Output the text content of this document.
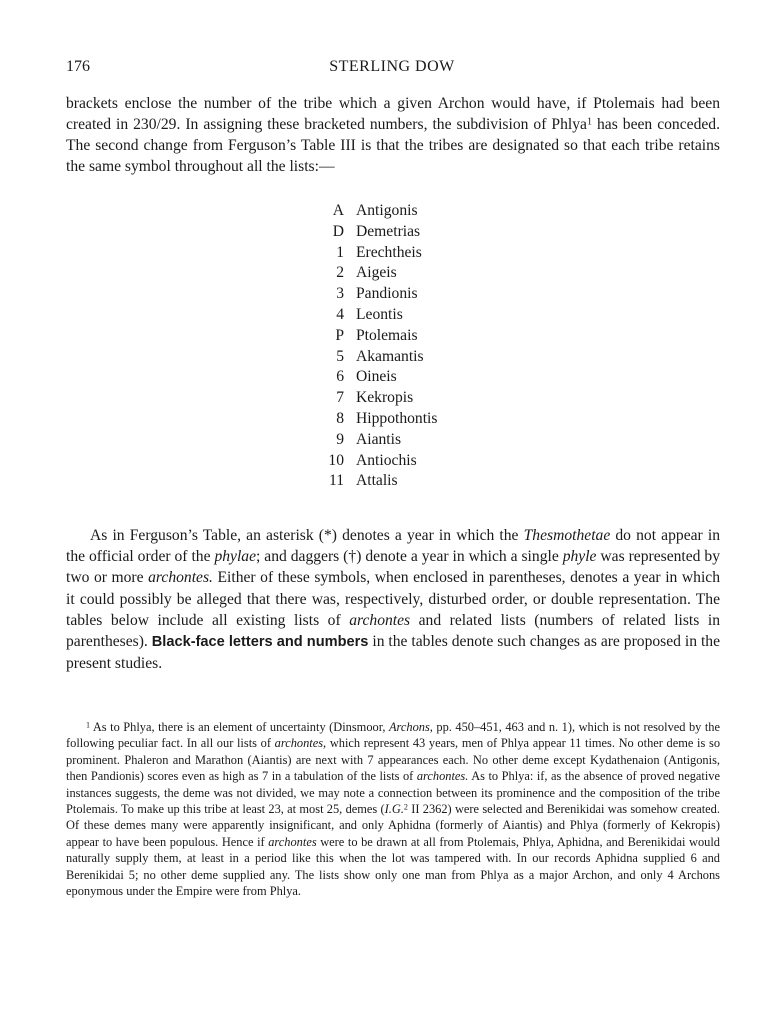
176	STERLING DOW

brackets enclose the number of the tribe which a given Archon would have, if Ptolemais had been created in 230/29. In assigning these bracketed numbers, the subdivision of Phlya$^1$ has been conceded. The second change from Ferguson’s Table III is that the tribes are designated so that each tribe retains the same symbol throughout all the lists:—

A Antigonis
D Demetrias
1 Erechtheis
2 Aigeis
3 Pandionis
4 Leontis
P Ptolemais
5 Akamantis
6 Oineis
7 Kekropis
8 Hippothontis
9 Aiantis
10 Antiochis
11 Attalis

As in Ferguson’s Table, an asterisk (*) denotes a year in which the Thesmothetae do not appear in the official order of the phylae; and daggers (†) denote a year in which a single phyle was represented by two or more archontes. Either of these symbols, when enclosed in parentheses, denotes a year in which it could possibly be alleged that there was, respectively, disturbed order, or double representation. The tables below include all existing lists of archontes and related lists (numbers of related lists in parentheses). Black-face letters and numbers in the tables denote such changes as are proposed in the present studies.

$^1$ As to Phlya, there is an element of uncertainty (Dinsmoor, Archons, pp. 450–451, 463 and n. 1), which is not resolved by the following peculiar fact. In all our lists of archontes, which represent 43 years, men of Phlya appear 11 times. No other deme is so prominent. Phaleron and Marathon (Aiantis) are next with 7 appearances each. No other deme except Kydathenaion (Antigonis, then Pandionis) scores even as high as 7 in a tabulation of the lists of archontes. As to Phlya: if, as the absence of proved negative instances suggests, the deme was not divided, we may note a connection between its prominence and the composition of the tribe Ptolemais. To make up this tribe at least 23, at most 25, demes (I.G.$^2$ II 2362) were selected and Berenikidai was somehow created. Of these demes many were apparently insignificant, and only Aphidna (formerly of Aiantis) and Phlya (formerly of Kekropis) appear to have been populous. Hence if archontes were to be drawn at all from Ptolemais, Phlya, Aphidna, and Berenikidai would naturally supply them, at least in a period like this when the lot was tampered with. In our records Aphidna supplied 6 and Berenikidai 5; no other deme supplied any. The lists show only one man from Phlya as a major Archon, and only 4 Archons eponymous under the Empire were from Phlya.
